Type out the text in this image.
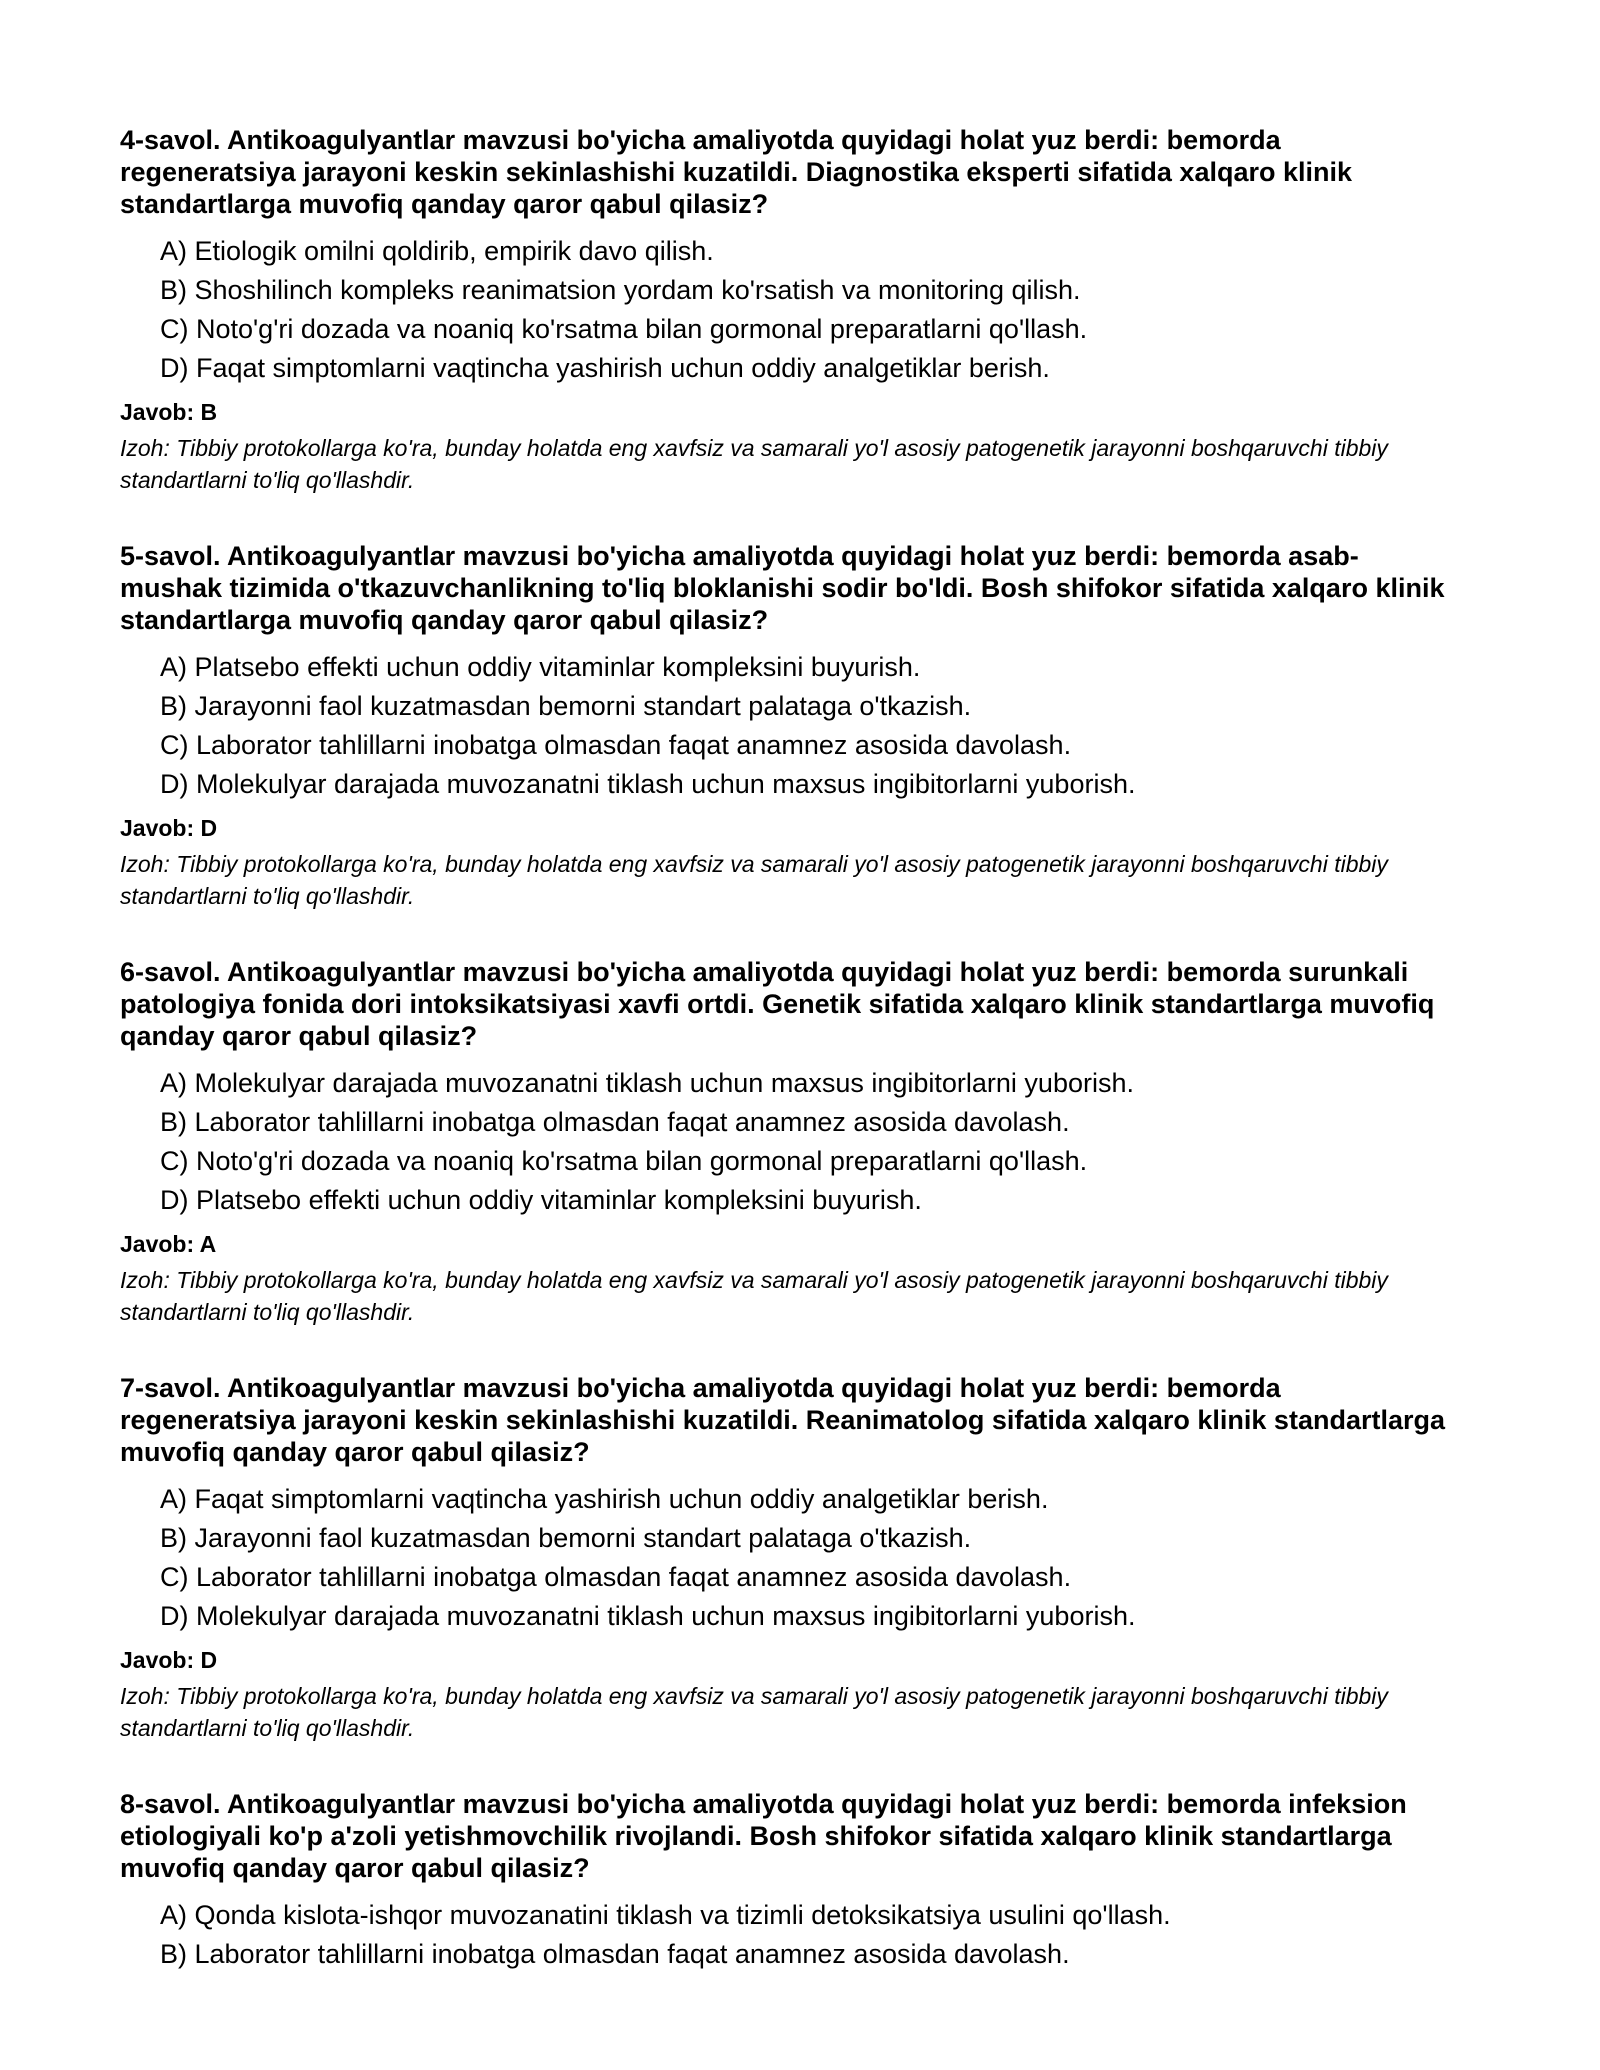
4-savol. Antikoagulyantlar mavzusi bo'yicha amaliyotda quyidagi holat yuz berdi: bemorda regeneratsiya jarayoni keskin sekinlashishi kuzatildi. Diagnostika eksperti sifatida xalqaro klinik standartlarga muvofiq qanday qaror qabul qilasiz?
A) Etiologik omilni qoldirib, empirik davo qilish.
B) Shoshilinch kompleks reanimatsion yordam ko'rsatish va monitoring qilish.
C) Noto'g'ri dozada va noaniq ko'rsatma bilan gormonal preparatlarni qo'llash.
D) Faqat simptomlarni vaqtincha yashirish uchun oddiy analgetiklar berish.
Javob: B

Izoh: Tibbiy protokollarga ko'ra, bunday holatda eng xavfsiz va samarali yo'l asosiy patogenetik jarayonni boshqaruvchi tibbiy standartlarni to'liq qo'llashdir.

5-savol. Antikoagulyantlar mavzusi bo'yicha amaliyotda quyidagi holat yuz berdi: bemorda asab-mushak tizimida o'tkazuvchanlikning to'liq bloklanishi sodir bo'ldi. Bosh shifokor sifatida xalqaro klinik standartlarga muvofiq qanday qaror qabul qilasiz?
A) Platsebo effekti uchun oddiy vitaminlar kompleksini buyurish.
B) Jarayonni faol kuzatmasdan bemorni standart palataga o'tkazish.
C) Laborator tahlillarni inobatga olmasdan faqat anamnez asosida davolash.
D) Molekulyar darajada muvozanatni tiklash uchun maxsus ingibitorlarni yuborish.
Javob: D

Izoh: Tibbiy protokollarga ko'ra, bunday holatda eng xavfsiz va samarali yo'l asosiy patogenetik jarayonni boshqaruvchi tibbiy standartlarni to'liq qo'llashdir.

6-savol. Antikoagulyantlar mavzusi bo'yicha amaliyotda quyidagi holat yuz berdi: bemorda surunkali patologiya fonida dori intoksikatsiyasi xavfi ortdi. Genetik sifatida xalqaro klinik standartlarga muvofiq qanday qaror qabul qilasiz?
A) Molekulyar darajada muvozanatni tiklash uchun maxsus ingibitorlarni yuborish.
B) Laborator tahlillarni inobatga olmasdan faqat anamnez asosida davolash.
C) Noto'g'ri dozada va noaniq ko'rsatma bilan gormonal preparatlarni qo'llash.
D) Platsebo effekti uchun oddiy vitaminlar kompleksini buyurish.
Javob: A

Izoh: Tibbiy protokollarga ko'ra, bunday holatda eng xavfsiz va samarali yo'l asosiy patogenetik jarayonni boshqaruvchi tibbiy standartlarni to'liq qo'llashdir.

7-savol. Antikoagulyantlar mavzusi bo'yicha amaliyotda quyidagi holat yuz berdi: bemorda regeneratsiya jarayoni keskin sekinlashishi kuzatildi. Reanimatolog sifatida xalqaro klinik standartlarga muvofiq qanday qaror qabul qilasiz?
A) Faqat simptomlarni vaqtincha yashirish uchun oddiy analgetiklar berish.
B) Jarayonni faol kuzatmasdan bemorni standart palataga o'tkazish.
C) Laborator tahlillarni inobatga olmasdan faqat anamnez asosida davolash.
D) Molekulyar darajada muvozanatni tiklash uchun maxsus ingibitorlarni yuborish.
Javob: D

Izoh: Tibbiy protokollarga ko'ra, bunday holatda eng xavfsiz va samarali yo'l asosiy patogenetik jarayonni boshqaruvchi tibbiy standartlarni to'liq qo'llashdir.

8-savol. Antikoagulyantlar mavzusi bo'yicha amaliyotda quyidagi holat yuz berdi: bemorda infeksion etiologiyali ko'p a'zoli yetishmovchilik rivojlandi. Bosh shifokor sifatida xalqaro klinik standartlarga muvofiq qanday qaror qabul qilasiz?
A) Qonda kislota-ishqor muvozanatini tiklash va tizimli detoksikatsiya usulini qo'llash.
B) Laborator tahlillarni inobatga olmasdan faqat anamnez asosida davolash.
